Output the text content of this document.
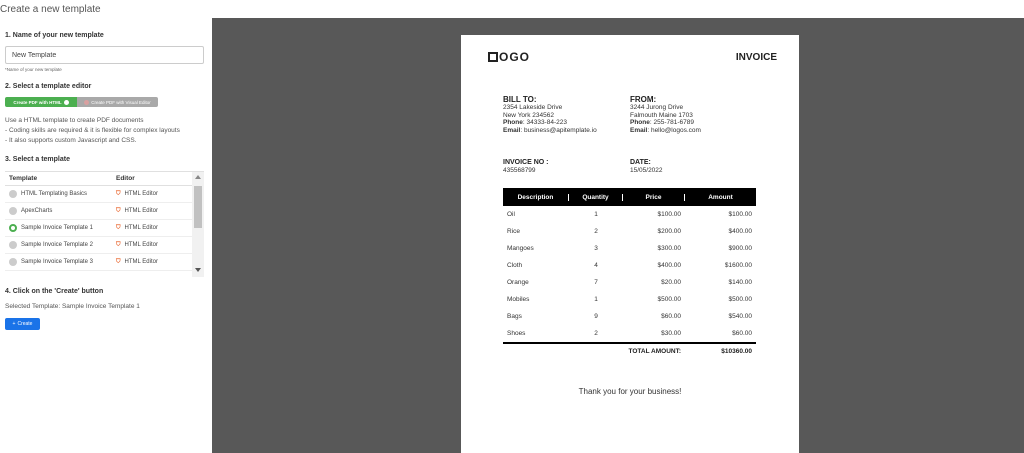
Create a new template
1. Name of your new template
New Template
*Name of your new template
2. Select a template editor
Create PDF with HTML	Create PDF with Visual Editor
Use a HTML template to create PDF documents
- Coding skills are required & it is flexible for complex layouts
- It also supports custom Javascript and CSS.
3. Select a template
Template	Editor
HTML Templating Basics	⛉ HTML Editor
ApexCharts	⛉ HTML Editor
Sample Invoice Template 1	⛉ HTML Editor
Sample Invoice Template 2	⛉ HTML Editor
Sample Invoice Template 3	⛉ HTML Editor
4. Click on the 'Create' button
Selected Template: Sample Invoice Template 1
+ Create
OGO	INVOICE
BILL TO:
2354 Lakeside Drive
New York 234562
Phone: 34333-84-223
Email: business@apitemplate.io
FROM:
3244 Jurong Drive
Falmouth Maine 1703
Phone: 255-781-6789
Email: hello@logos.com
INVOICE NO :
435568799
DATE:
15/05/2022
Description	Quantity	Price	Amount
Oil	1	$100.00	$100.00
Rice	2	$200.00	$400.00
Mangoes	3	$300.00	$900.00
Cloth	4	$400.00	$1600.00
Orange	7	$20.00	$140.00
Mobiles	1	$500.00	$500.00
Bags	9	$60.00	$540.00
Shoes	2	$30.00	$60.00
TOTAL AMOUNT:	$10360.00
Thank you for your business!
